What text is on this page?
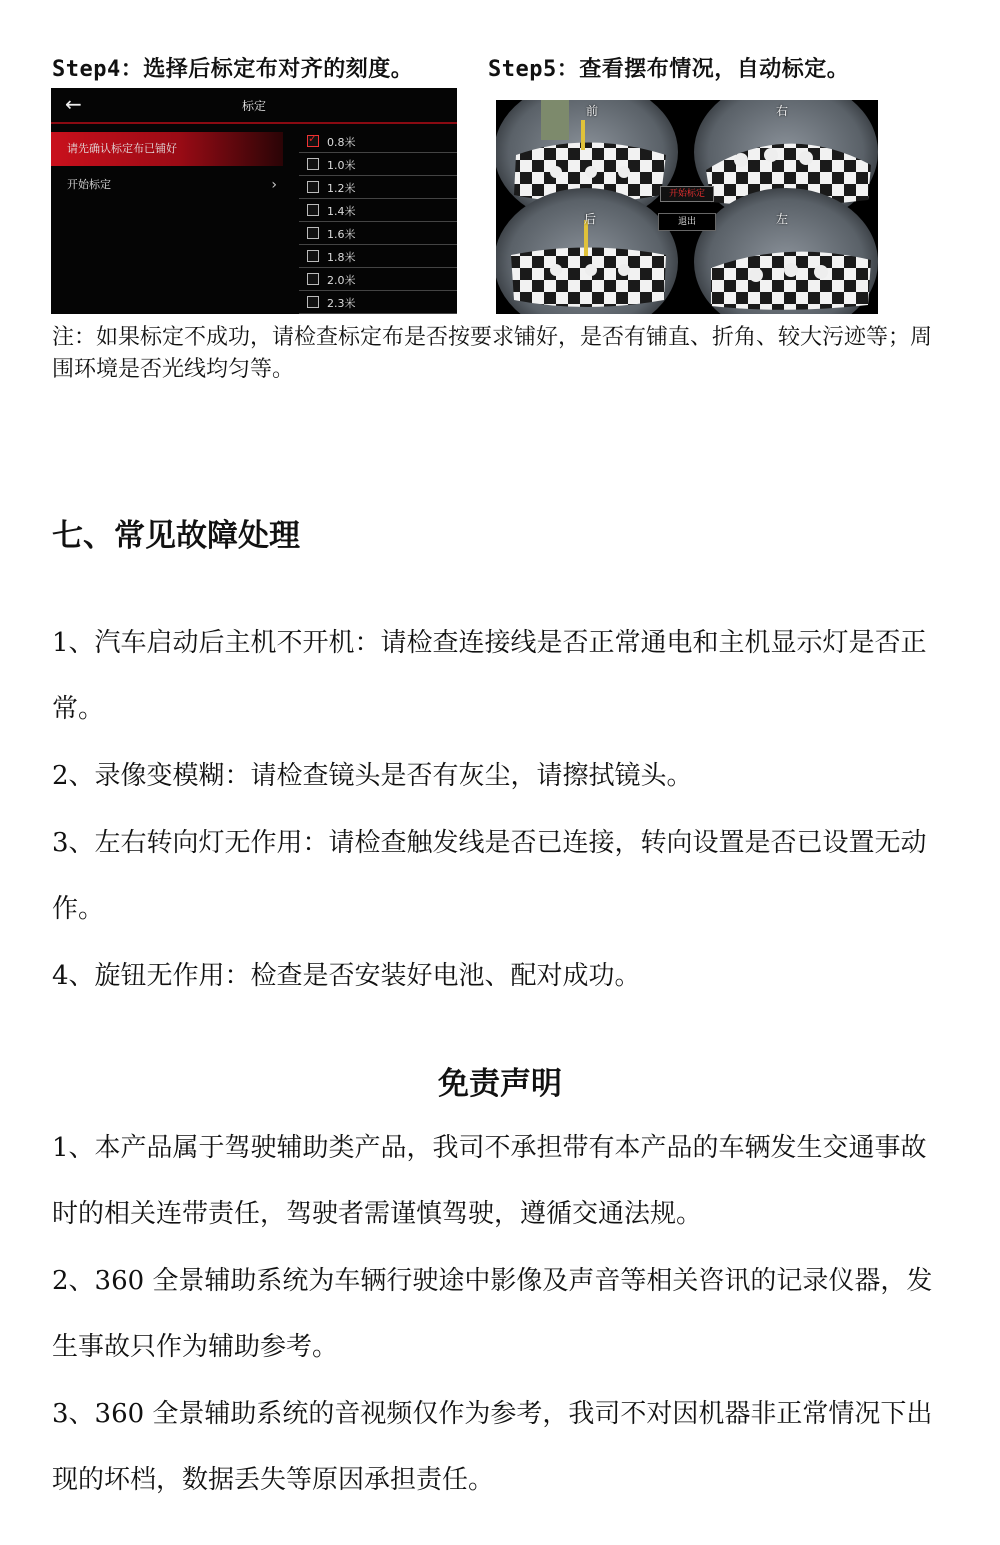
Step4：选择后标定布对齐的刻度。	Step5：查看摆布情况，自动标定。
←	标定
请先确认标定布已铺好
开始标定	›
✓
0.8米
1.0米
1.2米
1.4米
1.6米
1.8米
2.0米
2.3米
前	右
后	左
开始标定
退出
注：如果标定不成功，请检查标定布是否按要求铺好，是否有铺直、折角、较大污迹等；周围环境是否光线均匀等。
七、常见故障处理
1、汽车启动后主机不开机：请检查连接线是否正常通电和主机显示灯是否正常。
2、录像变模糊：请检查镜头是否有灰尘，请擦拭镜头。
3、左右转向灯无作用：请检查触发线是否已连接，转向设置是否已设置无动作。
4、旋钮无作用：检查是否安装好电池、配对成功。
免责声明
1、本产品属于驾驶辅助类产品，我司不承担带有本产品的车辆发生交通事故时的相关连带责任，驾驶者需谨慎驾驶，遵循交通法规。
2、360 全景辅助系统为车辆行驶途中影像及声音等相关咨讯的记录仪器，发生事故只作为辅助参考。
3、360 全景辅助系统的音视频仅作为参考，我司不对因机器非正常情况下出现的坏档，数据丢失等原因承担责任。
